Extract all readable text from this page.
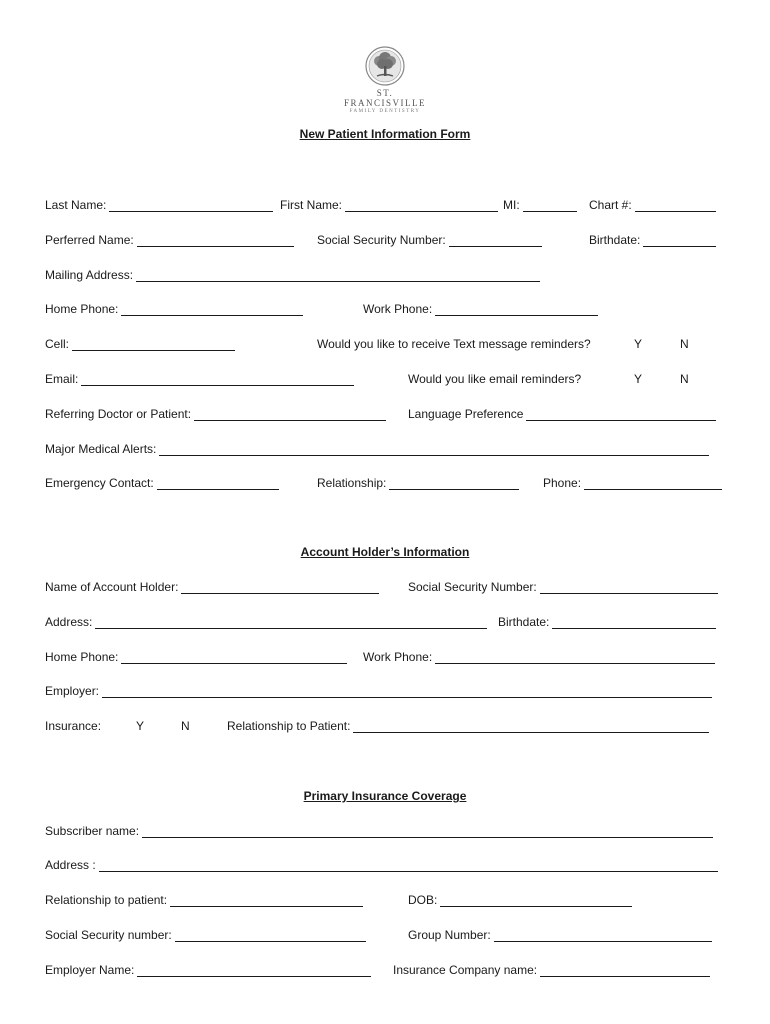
ST. FRANCISVILLE
FAMILY DENTISTRY
New Patient Information Form
Last Name:	First Name:	MI:	Chart #:
Perferred Name:	Social Security Number:	Birthdate:
Mailing Address:
Home Phone:	Work Phone:
Cell:	Would you like to receive Text message reminders?	Y	N
Email:	Would you like email reminders?	Y	N
Referring Doctor or Patient:	Language Preference
Major Medical Alerts:
Emergency Contact:	Relationship:	Phone:
Account Holder’s Information
Name of Account Holder:	Social Security Number:
Address:	Birthdate:
Home Phone:	Work Phone:
Employer:
Insurance:	Y	N	Relationship to Patient:
Primary Insurance Coverage
Subscriber name:
Address :
Relationship to patient:	DOB:
Social Security number:	Group Number:
Employer Name:	Insurance Company name:
